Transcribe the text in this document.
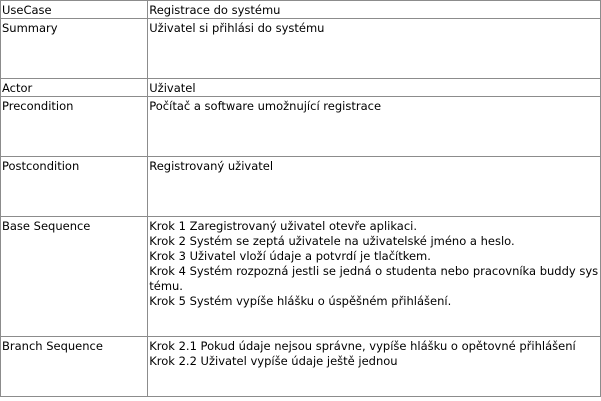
UseCase	Registrace do systému

Summary	Uživatel si přihlási do systému

Actor	Uživatel

Precondition	Počítač a software umožnující registrace

Postcondition	Registrovaný uživatel

Base Sequence	Krok 1 Zaregistrovaný uživatel otevře aplikaci.
Krok 2 Systém se zeptá uživatele na uživatelské jméno a heslo.
Krok 3 Uživatel vloží údaje a potvrdí je tlačítkem.
Krok 4 Systém rozpozná jestli se jedná o studenta nebo pracovníka buddy systému.
Krok 5 Systém vypíše hlášku o úspěšném přihlášení.

Branch Sequence	Krok 2.1 Pokud údaje nejsou správne, vypíše hlášku o opětovné přihlášení
Krok 2.2 Uživatel vypíše údaje ještě jednou
